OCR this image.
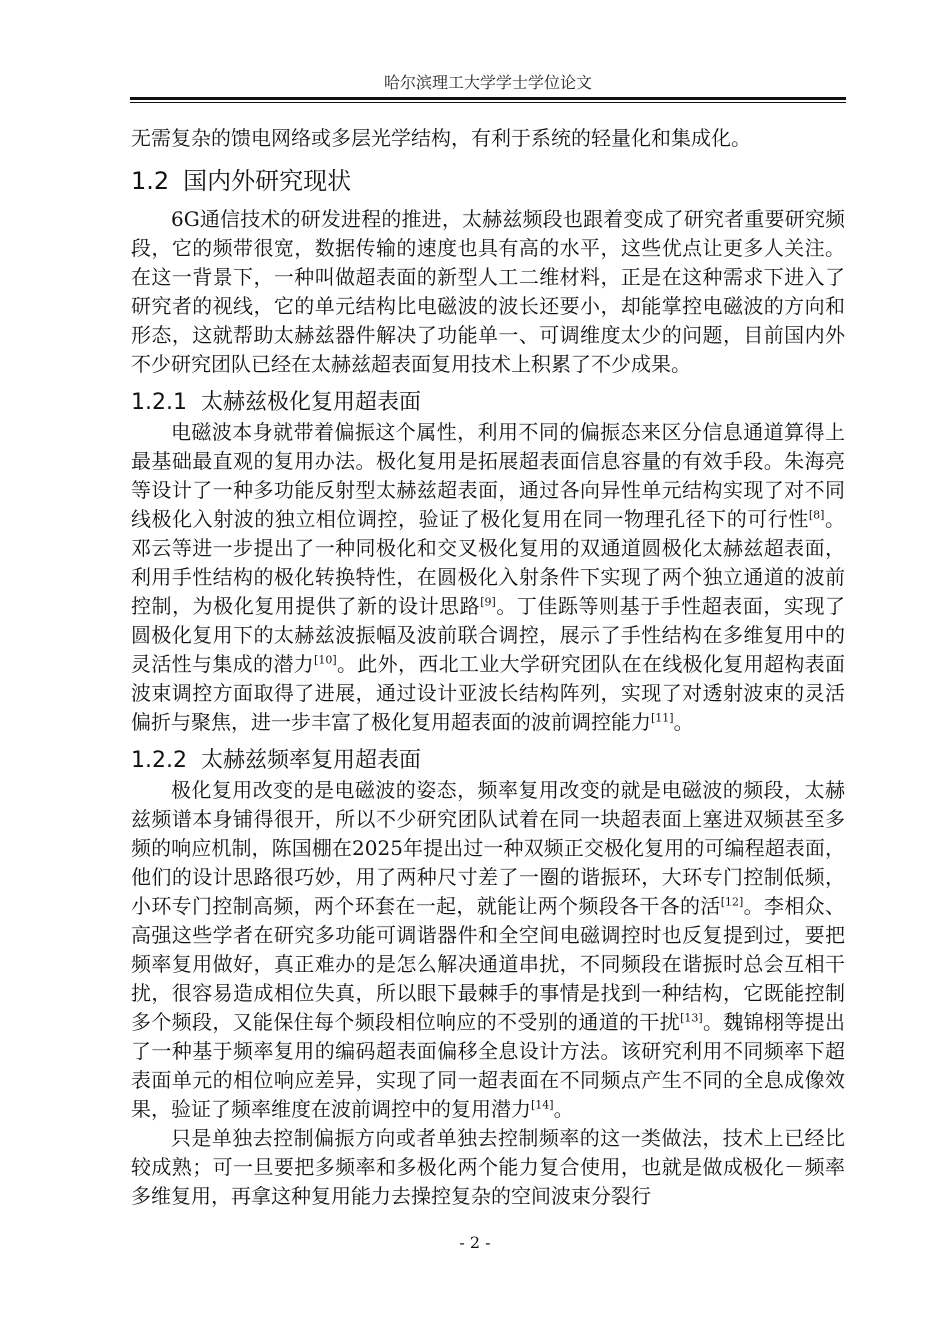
哈尔滨理工大学学士学位论文

无需复杂的馈电网络或多层光学结构，有利于系统的轻量化和集成化。

1.2 国内外研究现状

6G通信技术的研发进程的推进，太赫兹频段也跟着变成了研究者重要研究频段，它的频带很宽，数据传输的速度也具有高的水平，这些优点让更多人关注。在这一背景下，一种叫做超表面的新型人工二维材料，正是在这种需求下进入了研究者的视线，它的单元结构比电磁波的波长还要小，却能掌控电磁波的方向和形态，这就帮助太赫兹器件解决了功能单一、可调维度太少的问题，目前国内外不少研究团队已经在太赫兹超表面复用技术上积累了不少成果。

1.2.1 太赫兹极化复用超表面

电磁波本身就带着偏振这个属性，利用不同的偏振态来区分信息通道算得上最基础最直观的复用办法。极化复用是拓展超表面信息容量的有效手段。朱海亮等设计了一种多功能反射型太赫兹超表面，通过各向异性单元结构实现了对不同线极化入射波的独立相位调控，验证了极化复用在同一物理孔径下的可行性[8]。邓云等进一步提出了一种同极化和交叉极化复用的双通道圆极化太赫兹超表面，利用手性结构的极化转换特性，在圆极化入射条件下实现了两个独立通道的波前控制，为极化复用提供了新的设计思路[9]。丁佳跞等则基于手性超表面，实现了圆极化复用下的太赫兹波振幅及波前联合调控，展示了手性结构在多维复用中的灵活性与集成的潜力[10]。此外，西北工业大学研究团队在在线极化复用超构表面波束调控方面取得了进展，通过设计亚波长结构阵列，实现了对透射波束的灵活偏折与聚焦，进一步丰富了极化复用超表面的波前调控能力[11]。

1.2.2 太赫兹频率复用超表面

极化复用改变的是电磁波的姿态，频率复用改变的就是电磁波的频段，太赫兹频谱本身铺得很开，所以不少研究团队试着在同一块超表面上塞进双频甚至多频的响应机制，陈国棚在2025年提出过一种双频正交极化复用的可编程超表面，他们的设计思路很巧妙，用了两种尺寸差了一圈的谐振环，大环专门控制低频，小环专门控制高频，两个环套在一起，就能让两个频段各干各的活[12]。李相众、高强这些学者在研究多功能可调谐器件和全空间电磁调控时也反复提到过，要把频率复用做好，真正难办的是怎么解决通道串扰，不同频段在谐振时总会互相干扰，很容易造成相位失真，所以眼下最棘手的事情是找到一种结构，它既能控制多个频段，又能保住每个频段相位响应的不受别的通道的干扰[13]。魏锦栩等提出了一种基于频率复用的编码超表面偏移全息设计方法。该研究利用不同频率下超表面单元的相位响应差异，实现了同一超表面在不同频点产生不同的全息成像效果，验证了频率维度在波前调控中的复用潜力[14]。

只是单独去控制偏振方向或者单独去控制频率的这一类做法，技术上已经比较成熟；可一旦要把多频率和多极化两个能力复合使用，也就是做成极化－频率多维复用，再拿这种复用能力去操控复杂的空间波束分裂行

- 2 -
